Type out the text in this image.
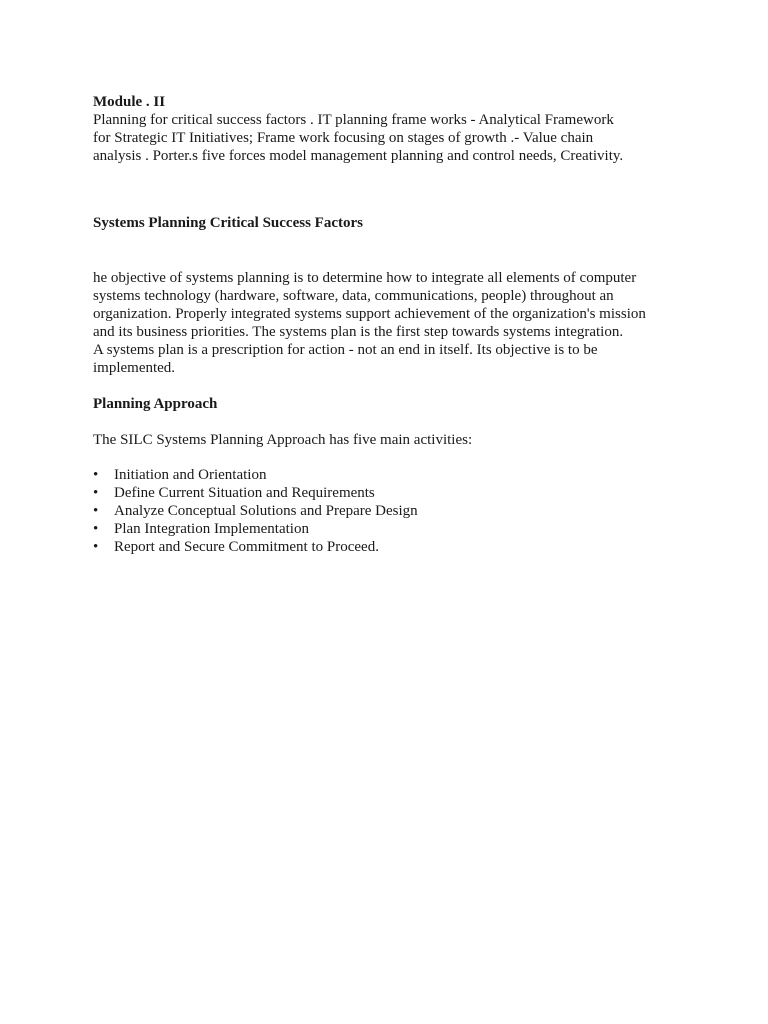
Module . II
Planning for critical success factors . IT planning frame works - Analytical Framework
for Strategic IT Initiatives; Frame work focusing on stages of growth .- Value chain
analysis . Porter.s five forces model management planning and control needs, Creativity.
Systems Planning Critical Success Factors
he objective of systems planning is to determine how to integrate all elements of computer
systems technology (hardware, software, data, communications, people) throughout an
organization. Properly integrated systems support achievement of the organization's mission
and its business priorities. The systems plan is the first step towards systems integration.
A systems plan is a prescription for action - not an end in itself. Its objective is to be
implemented.
Planning Approach
The SILC Systems Planning Approach has five main activities:
• Initiation and Orientation
• Define Current Situation and Requirements
• Analyze Conceptual Solutions and Prepare Design
• Plan Integration Implementation
• Report and Secure Commitment to Proceed.
